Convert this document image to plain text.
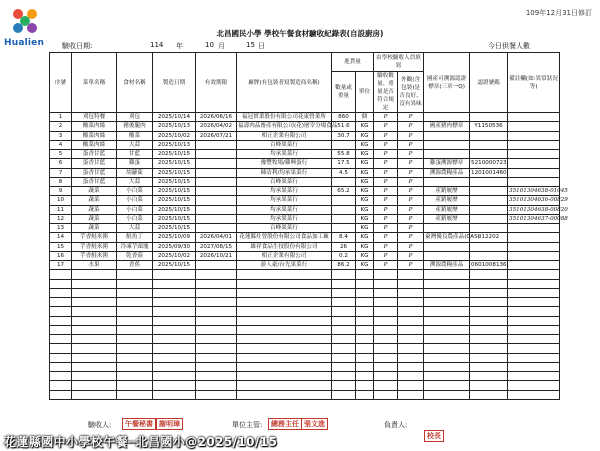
Hualien
109年12月31日修訂
北昌國民小學 學校午餐食材驗收紀錄表(自設廚房)
驗收日期:	114 年	10 月	15 日	今日供餐人數
序號	菜單名稱	食材名稱	製造日期	有效期限	廠牌(有包裝者寫製造商名稱)	進貨量		由學校驗收人員填寫		國產可溯源認證標章(三章一Q)	認證號碼	備註欄(如:異常狀況等)
						數量或重量	單位	驗收數量、重量是否符合規定	外觀(含包裝)是否良好、沒有異味			
1	刈包特餐	刈包	2025/10/14	2026/06/16	福冠實業股份有限公司花東營業所	860	個	P	P			
2	酸菜肉絲	豬後腿肉	2025/10/13	2026/04/02	福壽肉品畜產有限公司(花)屠宰分場食品	51.6	KG	P	P	國產豬肉標章	Y1150536	
3	酸菜肉絲	酸菜	2025/10/02	2026/07/21	相正企業有限公司	30.7	KG	P	P			
4	酸菜肉絲	大蒜	2025/10/13		百峰果菜行		KG	P	P			
5	蛋香甘藍	甘藍	2025/10/15		均承果菜行	55.8	KG	P	P			
6	蛋香甘藍	雞蛋	2025/10/15		豫豐牧場/雞興蛋行	17.5	KG	P	P	雞蛋溯源標章	5210000723	
7	蛋香甘藍	胡蘿蔔	2025/10/15		陳清利/均承果菜行	4.5	KG	P	P	溯源農糧產品	1201001460	
8	蛋香甘藍	大蒜	2025/10/15		百峰果菜行		KG	P	P			
9	蔬菜	小白菜	2025/10/15		均承果菜行	65.2	KG	P	P	產銷履歷		35101304638-01045
10	蔬菜	小白菜	2025/10/15		均承果菜行		KG	P	P	產銷履歷		35101304636-00829
11	蔬菜	小白菜	2025/10/15		均承果菜行		KG	P	P	產銷履歷		35101304638-00820
12	蔬菜	小白菜	2025/10/15		均承果菜行		KG	P	P	產銷履歷		35101304637-00088
13	蔬菜	大蒜	2025/10/15		百峰果菜行		KG	P	P			
14	芋香鮭米粥	鮭魚丁	2025/10/09	2026/04/01	花蓮縣灶曾股份有限公司食品加工廠	8.4	KG	P	P	臺灣優良農產品(CAS)	012202	
15	芋香鮭米粥	冷凍芋頭塊	2025/09/30	2027/08/15	雄祥食品生技股份有限公司	26	KG	P	P			
16	芋香鮭米粥	乾香菇	2025/10/02	2026/10/21	相正企業有限公司	0.2	KG	P	P			
17	水果	香蕉	2025/10/15		游人豪/台光果菜行	86.2	KG	P	P	溯源農糧產品	0601008136	

驗收人:	午餐秘書 謝明璋	單位主管:	總務主任 張文進	負責人:
校長
花蓮縣國中小學校午餐─北昌國小@2025/10/15
